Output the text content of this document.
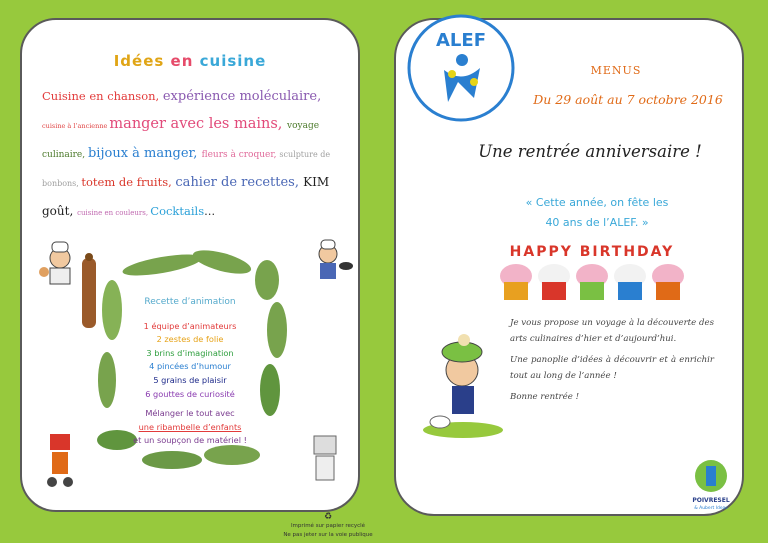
Idées en cuisine
Cuisine en chanson, expérience moléculaire,
cuisine à l’ancienne manger avec les mains, voyage
culinaire, bijoux à manger, fleurs à croquer, sculpture de
bonbons, totem de fruits, cahier de recettes, KIM
goût, cuisine en couleurs, Cocktails…
Recette d’animation
1 équipe d’animateurs
2 zestes de folie
3 brins d’imagination
4 pincées d’humour
5 grains de plaisir
6 gouttes de curiosité
Mélanger le tout avec
une ribambelle d’enfants
et un soupçon de matériel !
♻
Imprimé sur papier recyclé
Ne pas jeter sur la voie publique
ALEF
MENUS
Du 29 août au 7 octobre 2016
Une rentrée anniversaire !
« Cette année, on fête les
40 ans de l’ALEF. »
HAPPY BIRTHDAY

Je vous propose un voyage à la découverte des arts culinaires d’hier et d’aujourd’hui.

Une panoplie d’idées à découvrir et à enrichir tout au long de l’année !

Bonne rentrée !

POIVRESEL
& Aubert Ideas
